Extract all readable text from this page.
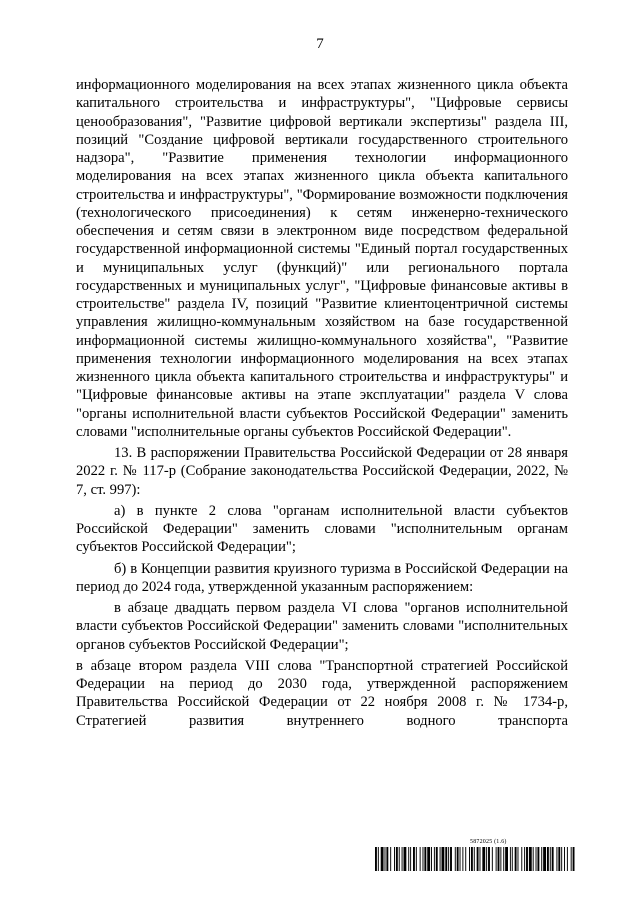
7

информационного моделирования на всех этапах жизненного цикла объекта капитального строительства и инфраструктуры", "Цифровые сервисы ценообразования", "Развитие цифровой вертикали экспертизы" раздела III, позиций "Создание цифровой вертикали государственного строительного надзора", "Развитие применения технологии информационного моделирования на всех этапах жизненного цикла объекта капитального строительства и инфраструктуры", "Формирование возможности подключения (технологического присоединения) к сетям инженерно-технического обеспечения и сетям связи в электронном виде посредством федеральной государственной информационной системы "Единый портал государственных и муниципальных услуг (функций)" или регионального портала государственных и муниципальных услуг", "Цифровые финансовые активы в строительстве" раздела IV, позиций "Развитие клиентоцентричной системы управления жилищно-коммунальным хозяйством на базе государственной информационной системы жилищно-коммунального хозяйства", "Развитие применения технологии информационного моделирования на всех этапах жизненного цикла объекта капитального строительства и инфраструктуры" и "Цифровые финансовые активы на этапе эксплуатации" раздела V слова "органы исполнительной власти субъектов Российской Федерации" заменить словами "исполнительные органы субъектов Российской Федерации".

13. В распоряжении Правительства Российской Федерации от 28 января 2022 г. № 117-р (Собрание законодательства Российской Федерации, 2022, № 7, ст. 997):

а) в пункте 2 слова "органам исполнительной власти субъектов Российской Федерации" заменить словами "исполнительным органам субъектов Российской Федерации";

б) в Концепции развития круизного туризма в Российской Федерации на период до 2024 года, утвержденной указанным распоряжением:

в абзаце двадцать первом раздела VI слова "органов исполнительной власти субъектов Российской Федерации" заменить словами "исполнительных органов субъектов Российской Федерации";

в абзаце втором раздела VIII слова "Транспортной стратегией Российской Федерации на период до 2030 года, утвержденной распоряжением Правительства Российской Федерации от 22 ноября 2008 г. № 1734-р, Стратегией развития внутреннего водного транспорта

5872025 (1.6)
